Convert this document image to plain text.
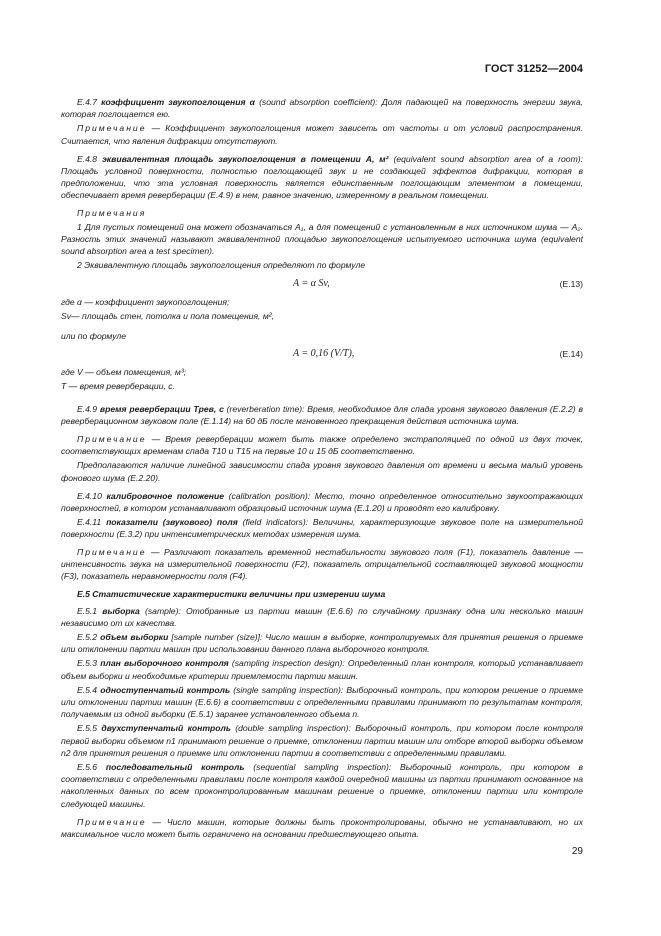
ГОСТ 31252—2004

Е.4.7 коэффициент звукопоглощения α (sound absorption coefficient): Доля падающей на поверхность энергии звука, которая поглощается ею.

Примечание — Коэффициент звукопоглощения может зависеть от частоты и от условий распространения. Считается, что явления дифракции отсутствуют.

Е.4.8 эквивалентная площадь звукопоглощения в помещении A, м² (equivalent sound absorption area of a room): Площадь условной поверхности, полностью поглощающей звук и не создающей эффектов дифракции, которая в предположении, что эта условная поверхность является единственным поглощающим элементом в помещении, обеспечивает время реверберации (Е.4.9) в нем, равное значению, измеренному в реальном помещении.

Примечания

1 Для пустых помещений она может обозначаться A₁, а для помещений с установленным в них источником шума — A₂. Разность этих значений называют эквивалентной площадью звукопоглощения испытуемого источника шума (equivalent sound absorption area a test specimen).

2 Эквивалентную площадь звукопоглощения определяют по формуле

A = α Sv,	(Е.13)

где α — коэффициент звукопоглощения;

Sv— площадь стен, потолка и пола помещения, м²,

или по формуле

A = 0,16 (V/T),	(Е.14)

где V — объем помещения, м³;

T — время реверберации, с.

Е.4.9 время реверберации Tрев, с (reverberation time): Время, необходимое для спада уровня звукового давления (Е.2.2) в реверберационном звуковом поле (Е.1.14) на 60 дБ после мгновенного прекращения действия источника шума.

Примечание — Время реверберации может быть также определено экстраполяцией по одной из двух точек, соответствующих временам спада T10 и T15 на первые 10 и 15 дБ соответственно.

Предполагаются наличие линейной зависимости спада уровня звукового давления от времени и весьма малый уровень фонового шума (Е.2.20).

Е.4.10 калибровочное положение (calibration position): Место, точно определенное относительно звукоотражающих поверхностей, в котором устанавливают образцовый источник шума (Е.1.20) и проводят его калибровку.

Е.4.11 показатели (звукового) поля (field indicators): Величины, характеризующие звуковое поле на измерительной поверхности (Е.3.2) при интенсиметрических методах измерения шума.

Примечание — Различают показатель временной нестабильности звукового поля (F1), показатель давление — интенсивность звука на измерительной поверхности (F2), показатель отрицательной составляющей звуковой мощности (F3), показатель неравномерности поля (F4).

Е.5 Статистические характеристики величины при измерении шума

Е.5.1 выборка (sample): Отобранные из партии машин (Е.6.6) по случайному признаку одна или несколько машин независимо от их качества.

Е.5.2 объем выборки [sample number (size)]: Число машин в выборке, контролируемых для принятия решения о приемке или отклонении партии машин при использовании данного плана выборочного контроля.

Е.5.3 план выборочного контроля (sampling inspection design): Определенный план контроля, который устанавливает объем выборки и необходимые критерии приемлемости партии машин.

Е.5.4 одноступенчатый контроль (single sampling inspection): Выборочный контроль, при котором решение о приемке или отклонении партии машин (Е.6.6) в соответствии с определенными правилами принимают по результатам контроля, получаемым из одной выборки (Е.5.1) заранее установленного объема n.

Е.5.5 двухступенчатый контроль (double sampling inspection): Выборочный контроль, при котором после контроля первой выборки объемом n1 принимают решение о приемке, отклонении партии машин или отборе второй выборки объемом n2 для принятия решения о приемке или отклонении партии в соответствии с определенными правилами.

Е.5.6 последовательный контроль (sequential sampling inspection): Выборочный контроль, при котором в соответствии с определенными правилами после контроля каждой очередной машины из партии принимают основанное на накопленных данных по всем проконтролированным машинам решение о приемке, отклонении партии или контроле следующей машины.

Примечание — Число машин, которые должны быть проконтролированы, обычно не устанавливают, но их максимальное число может быть ограничено на основании предшествующего опыта.

29
